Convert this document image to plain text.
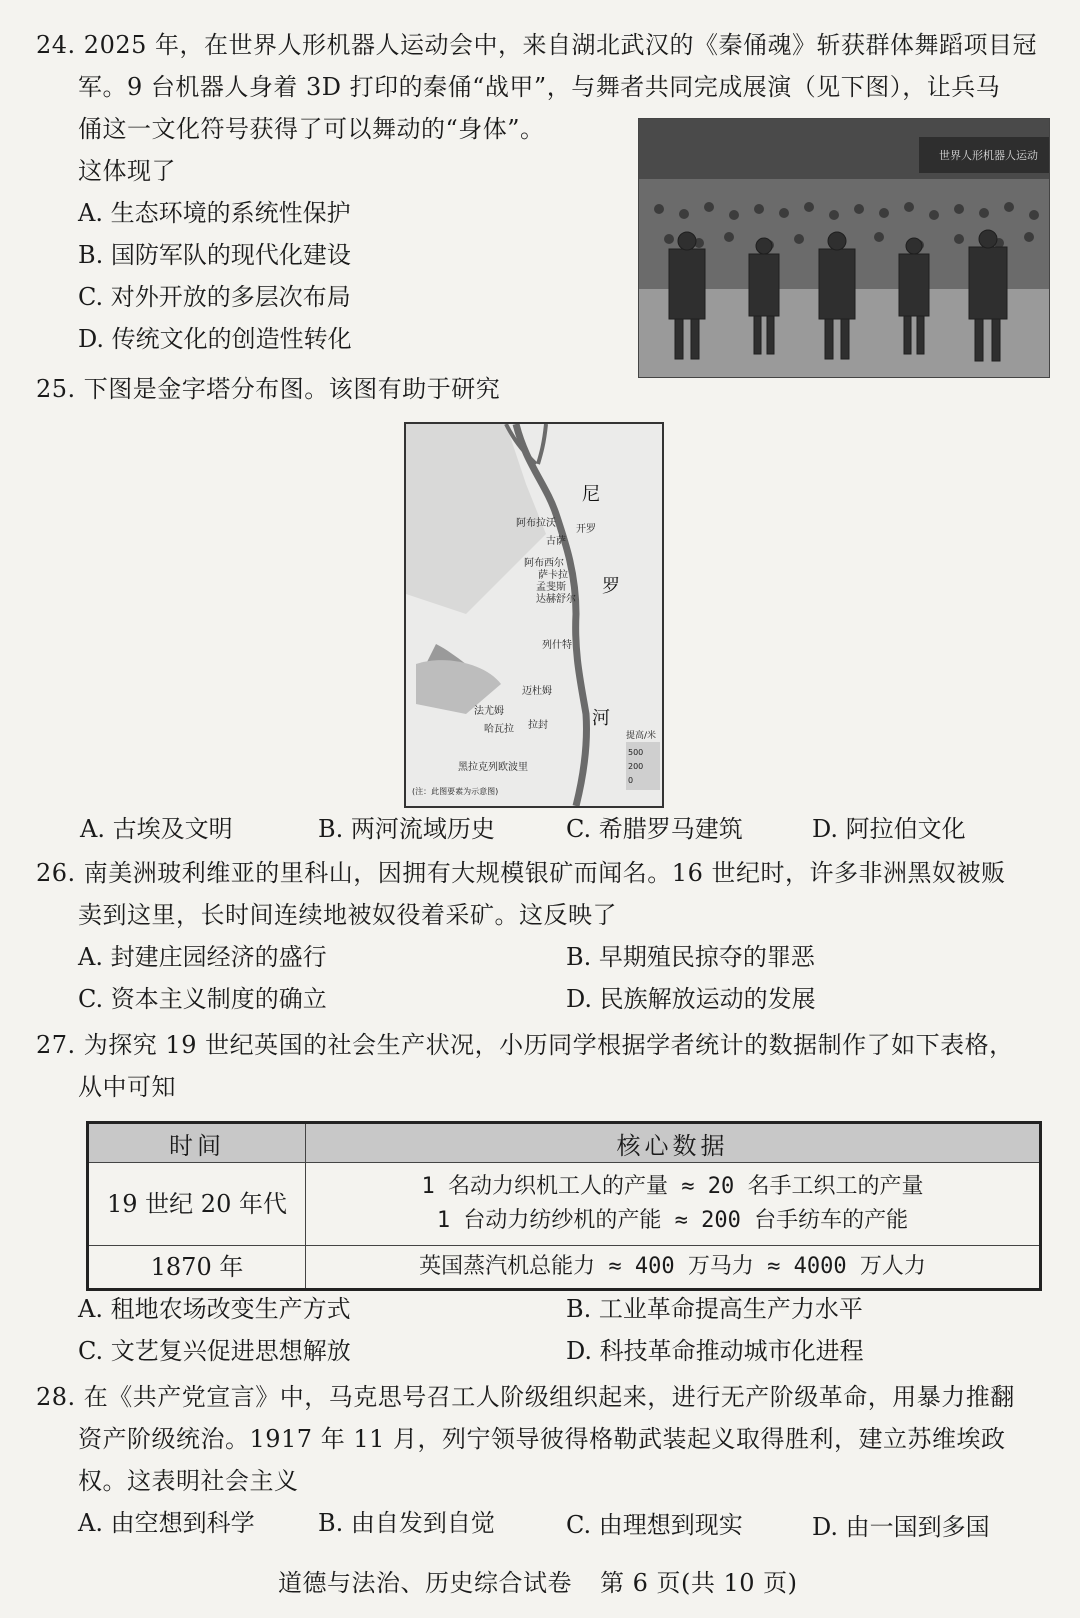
24. 2025 年，在世界人形机器人运动会中，来自湖北武汉的《秦俑魂》斩获群体舞蹈项目冠
军。9 台机器人身着 3D 打印的秦俑“战甲”，与舞者共同完成展演（见下图），让兵马
俑这一文化符号获得了可以舞动的“身体”。
这体现了
A. 生态环境的系统性保护
B. 国防军队的现代化建设
C. 对外开放的多层次布局
D. 传统文化的创造性转化
世界人形机器人运动
25. 下图是金字塔分布图。该图有助于研究
尼
罗
河
阿布拉沃
开罗
古萨
阿布西尔
萨卡拉
孟斐斯
达赫舒尔
列什特
迈杜姆
法尤姆
哈瓦拉 拉封
黑拉克列欧波里
提高/米
500
200
0
(注：此图要素为示意图)
A. 古埃及文明	B. 两河流域历史	C. 希腊罗马建筑	D. 阿拉伯文化
26. 南美洲玻利维亚的里科山，因拥有大规模银矿而闻名。16 世纪时，许多非洲黑奴被贩
卖到这里，长时间连续地被奴役着采矿。这反映了
A. 封建庄园经济的盛行	B. 早期殖民掠夺的罪恶
C. 资本主义制度的确立	D. 民族解放运动的发展
27. 为探究 19 世纪英国的社会生产状况，小历同学根据学者统计的数据制作了如下表格，
从中可知
时间	核心数据
19 世纪 20 年代	1 名动力织机工人的产量 ≈ 20 名手工织工的产量
1 台动力纺纱机的产能 ≈ 200 台手纺车的产能

1870 年	英国蒸汽机总能力 ≈ 400 万马力 ≈ 4000 万人力
A. 租地农场改变生产方式	B. 工业革命提高生产力水平
C. 文艺复兴促进思想解放	D. 科技革命推动城市化进程
28. 在《共产党宣言》中，马克思号召工人阶级组织起来，进行无产阶级革命，用暴力推翻
资产阶级统治。1917 年 11 月，列宁领导彼得格勒武装起义取得胜利，建立苏维埃政
权。这表明社会主义
A. 由空想到科学	B. 由自发到自觉	C. 由理想到现实	D. 由一国到多国
道德与法治、历史综合试卷 第 6 页(共 10 页)
